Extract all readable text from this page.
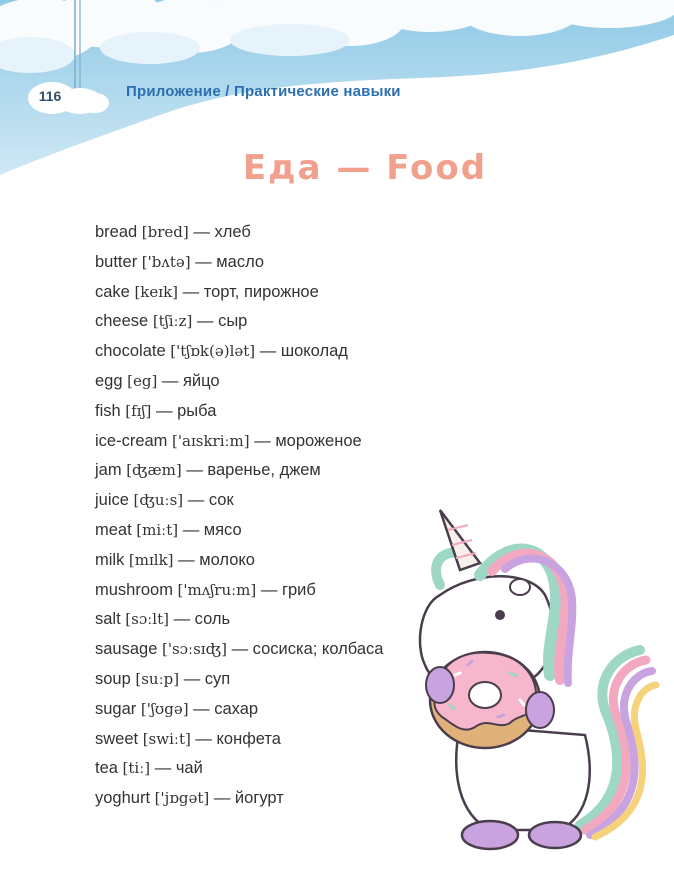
116	Приложение / Практические навыки
Еда — Food
bread [bred] — хлеб
butter ['bʌtə] — масло
cake [keɪk] — торт, пирожное
cheese [tʃiːz] — сыр
chocolate ['tʃɒk(ə)lət] — шоколад
egg [eg] — яйцо
fish [fɪʃ] — рыба
ice-cream ['aɪskriːm] — мороженое
jam [ʤæm] — варенье, джем
juice [ʤuːs] — сок
meat [miːt] — мясо
milk [mɪlk] — молоко
mushroom ['mʌʃruːm] — гриб
salt [sɔːlt] — соль
sausage ['sɔːsɪʤ] — сосиска; колбаса
soup [suːp] — суп
sugar ['ʃʊgə] — сахар
sweet [swiːt] — конфета
tea [tiː] — чай
yoghurt ['jɒgət] — йогурт
